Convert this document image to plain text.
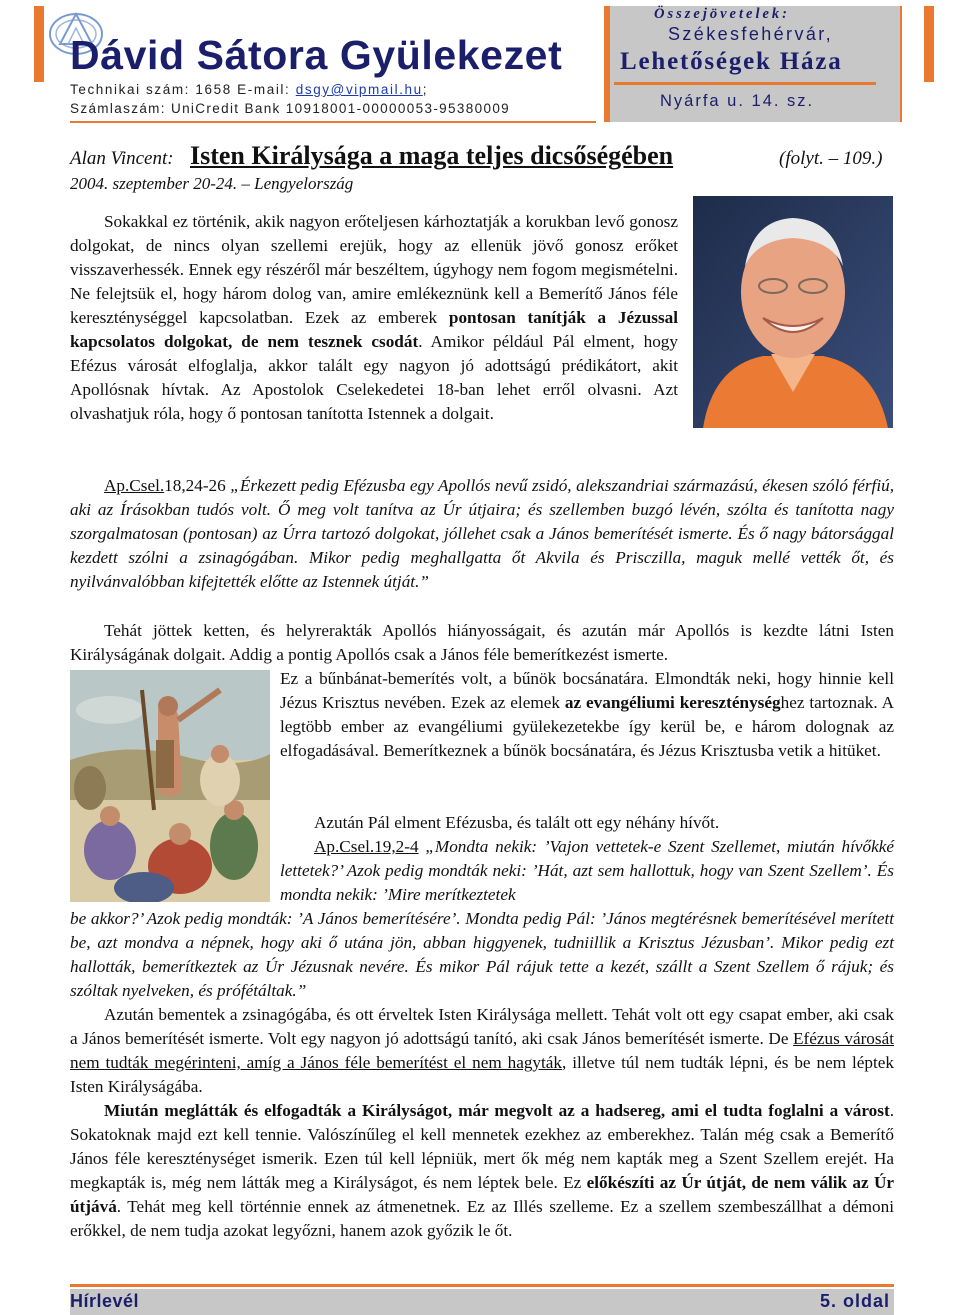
Dávid Sátora Gyülekezet
Technikai szám: 1658 E-mail: dsgy@vipmail.hu;
Számlaszám: UniCredit Bank 10918001-00000053-95380009
Összejövetelek:
Székesfehérvár,
Lehetőségek Háza
Nyárfa u. 14. sz.
Alan Vincent: Isten Királysága a maga teljes dicsőségében	(folyt. – 109.)
2004. szeptember 20-24. – Lengyelország
Sokakkal ez történik, akik nagyon erőteljesen kárhoztatják a korukban levő gonosz dolgokat, de nincs olyan szellemi erejük, hogy az ellenük jövő gonosz erőket visszaverhessék. Ennek egy részéről már beszéltem, úgyhogy nem fogom megismételni. Ne felejtsük el, hogy három dolog van, amire emlékeznünk kell a Bemerítő János féle kereszténységgel kapcsolatban. Ezek az emberek pontosan tanítják a Jézussal kapcsolatos dolgokat, de nem tesznek csodát. Amikor például Pál elment, hogy Efézus városát elfoglalja, akkor talált egy nagyon jó adottságú prédikátort, akit Apollósnak hívtak. Az Apostolok Cselekedetei 18-ban lehet erről olvasni. Azt olvashatjuk róla, hogy ő pontosan tanította Istennek a dolgait.
Ap.Csel.18,24-26 „Érkezett pedig Efézusba egy Apollós nevű zsidó, alekszandriai származású, ékesen szóló férfiú, aki az Írásokban tudós volt. Ő meg volt tanítva az Úr útjaira; és szellemben buzgó lévén, szólta és tanította nagy szorgalmatosan (pontosan) az Úrra tartozó dolgokat, jóllehet csak a János bemerítését ismerte. És ő nagy bátorsággal kezdett szólni a zsinagógában. Mikor pedig meghallgatta őt Akvila és Prisczilla, maguk mellé vették őt, és nyilvánvalóbban kifejtették előtte az Istennek útját.”
Tehát jöttek ketten, és helyrerakták Apollós hiányosságait, és azután már Apollós is kezdte látni Isten Királyságának dolgait. Addig a pontig Apollós csak a János féle bemerítkezést ismerte.
Ez a bűnbánat-bemerítés volt, a bűnök bocsánatára. Elmondták neki, hogy hinnie kell Jézus Krisztus nevében. Ezek az elemek az evangéliumi kereszténységhez tartoznak. A legtöbb ember az evangéliumi gyülekezetekbe így kerül be, e három dolognak az elfogadásával. Bemerítkeznek a bűnök bocsánatára, és Jézus Krisztusba vetik a hitüket.
Azután Pál elment Efézusba, és talált ott egy néhány hívőt.
Ap.Csel.19,2-4 „Mondta nekik: ’Vajon vettetek-e Szent Szellemet, miután hívőkké lettetek?’ Azok pedig mondták neki: ’Hát, azt sem hallottuk, hogy van Szent Szellem’. És mondta nekik: ’Mire merítkeztetek
be akkor?’ Azok pedig mondták: ’A János bemerítésére’. Mondta pedig Pál: ’János megtérésnek bemerítésével merített be, azt mondva a népnek, hogy aki ő utána jön, abban higgyenek, tudniillik a Krisztus Jézusban’. Mikor pedig ezt hallották, bemerítkeztek az Úr Jézusnak nevére. És mikor Pál rájuk tette a kezét, szállt a Szent Szellem ő rájuk; és szóltak nyelveken, és prófétáltak.”
Azután bementek a zsinagógába, és ott érveltek Isten Királysága mellett. Tehát volt ott egy csapat ember, aki csak a János bemerítését ismerte. Volt egy nagyon jó adottságú tanító, aki csak János bemerítését ismerte. De Efézus városát nem tudták megérinteni, amíg a János féle bemerítést el nem hagyták, illetve túl nem tudták lépni, és be nem léptek Isten Királyságába.
Miután meglátták és elfogadták a Királyságot, már megvolt az a hadsereg, ami el tudta foglalni a várost. Sokatoknak majd ezt kell tennie. Valószínűleg el kell mennetek ezekhez az emberekhez. Talán még csak a Bemerítő János féle kereszténységet ismerik. Ezen túl kell lépniük, mert ők még nem kapták meg a Szent Szellem erejét. Ha megkapták is, még nem látták meg a Királyságot, és nem léptek bele. Ez előkészíti az Úr útját, de nem válik az Úr útjává. Tehát meg kell történnie ennek az átmenetnek. Ez az Illés szelleme. Ez a szellem szembeszállhat a démoni erőkkel, de nem tudja azokat legyőzni, hanem azok győzik le őt.
Hírlevél	5. oldal
